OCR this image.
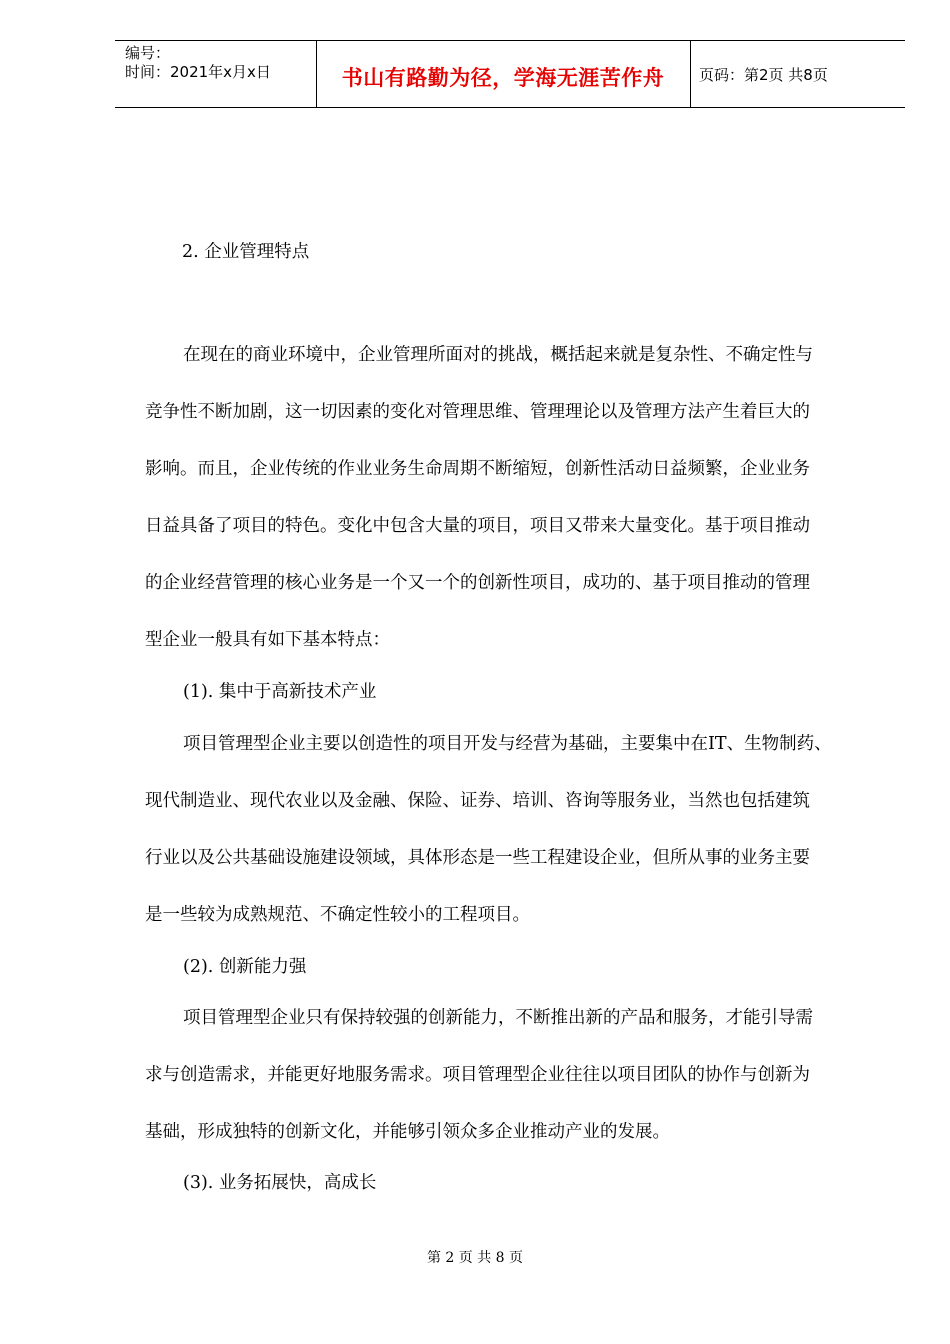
编号：
时间：2021年x月x日	书山有路勤为径，学海无涯苦作舟	页码：第2页 共8页
2. 企业管理特点
在现在的商业环境中，企业管理所面对的挑战，概括起来就是复杂性、不确定性与
竞争性不断加剧，这一切因素的变化对管理思维、管理理论以及管理方法产生着巨大的
影响。而且，企业传统的作业业务生命周期不断缩短，创新性活动日益频繁，企业业务
日益具备了项目的特色。变化中包含大量的项目，项目又带来大量变化。基于项目推动
的企业经营管理的核心业务是一个又一个的创新性项目，成功的、基于项目推动的管理
型企业一般具有如下基本特点：
(1). 集中于高新技术产业
项目管理型企业主要以创造性的项目开发与经营为基础，主要集中在IT、生物制药、
现代制造业、现代农业以及金融、保险、证券、培训、咨询等服务业，当然也包括建筑
行业以及公共基础设施建设领域，具体形态是一些工程建设企业，但所从事的业务主要
是一些较为成熟规范、不确定性较小的工程项目。
(2). 创新能力强
项目管理型企业只有保持较强的创新能力，不断推出新的产品和服务，才能引导需
求与创造需求，并能更好地服务需求。项目管理型企业往往以项目团队的协作与创新为
基础，形成独特的创新文化，并能够引领众多企业推动产业的发展。
(3). 业务拓展快，高成长
第 2 页 共 8 页
